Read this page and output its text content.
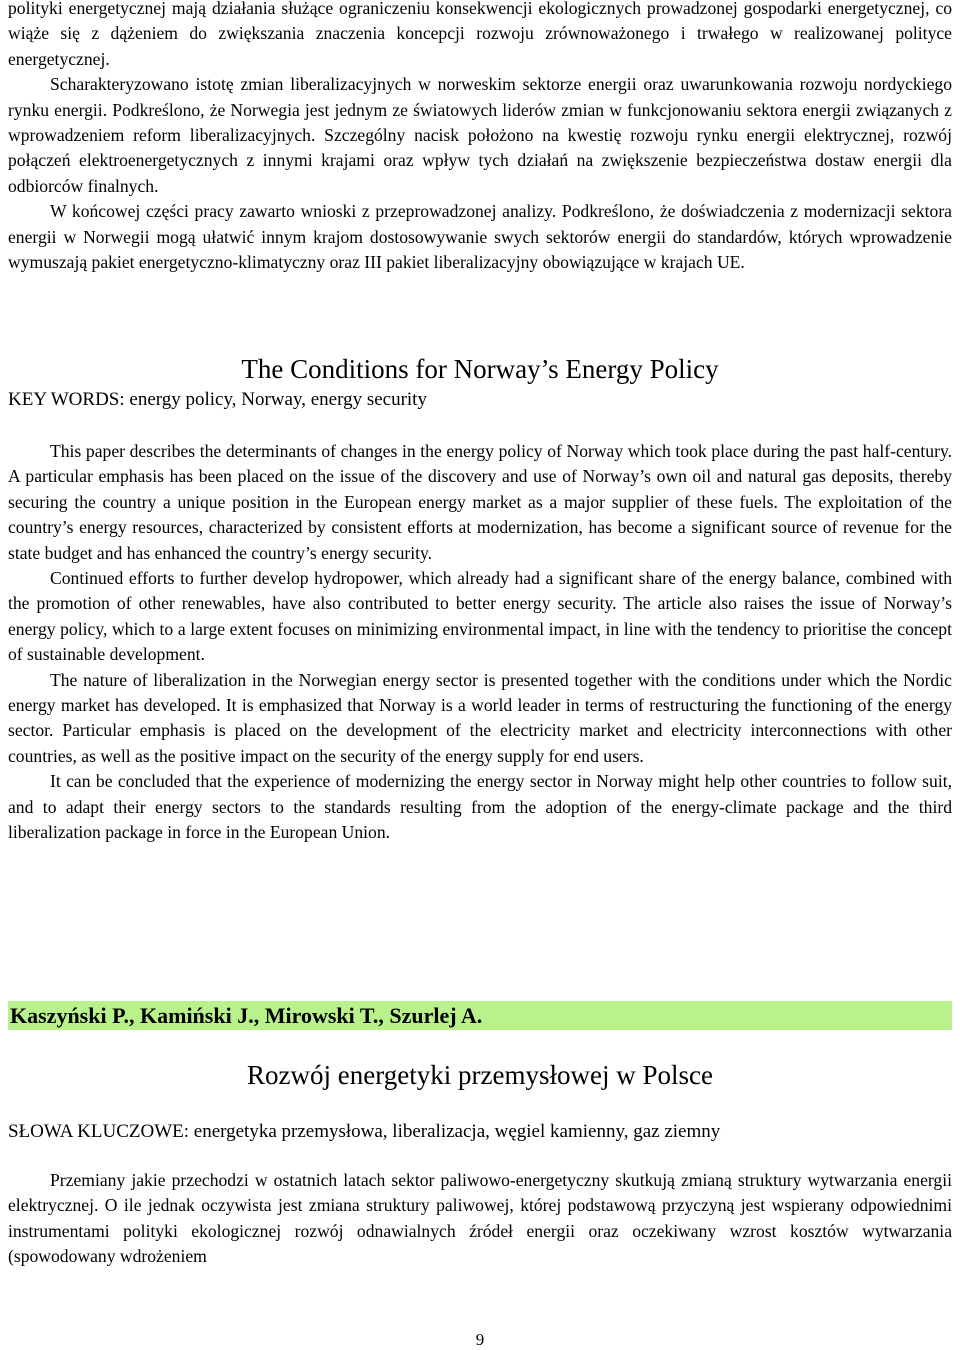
polityki energetycznej mają działania służące ograniczeniu konsekwencji ekologicznych prowadzonej gospodarki energetycznej, co wiąże się z dążeniem do zwiększania znaczenia koncepcji rozwoju zrównoważonego i trwałego w realizowanej polityce energetycznej.

Scharakteryzowano istotę zmian liberalizacyjnych w norweskim sektorze energii oraz uwarunkowania rozwoju nordyckiego rynku energii. Podkreślono, że Norwegia jest jednym ze światowych liderów zmian w funkcjonowaniu sektora energii związanych z wprowadzeniem reform liberalizacyjnych. Szczególny nacisk położono na kwestię rozwoju rynku energii elektrycznej, rozwój połączeń elektroenergetycznych z innymi krajami oraz wpływ tych działań na zwiększenie bezpieczeństwa dostaw energii dla odbiorców finalnych.

W końcowej części pracy zawarto wnioski z przeprowadzonej analizy. Podkreślono, że doświadczenia z modernizacji sektora energii w Norwegii mogą ułatwić innym krajom dostosowywanie swych sektorów energii do standardów, których wprowadzenie wymuszają pakiet energetyczno-klimatyczny oraz III pakiet liberalizacyjny obowiązujące w krajach UE.

The Conditions for Norway’s Energy Policy

KEY WORDS: energy policy, Norway, energy security

This paper describes the determinants of changes in the energy policy of Norway which took place during the past half-century. A particular emphasis has been placed on the issue of the discovery and use of Norway’s own oil and natural gas deposits, thereby securing the country a unique position in the European energy market as a major supplier of these fuels. The exploitation of the country’s energy resources, characterized by consistent efforts at modernization, has become a significant source of revenue for the state budget and has enhanced the country’s energy security.

Continued efforts to further develop hydropower, which already had a significant share of the energy balance, combined with the promotion of other renewables, have also contributed to better energy security. The article also raises the issue of Norway’s energy policy, which to a large extent focuses on minimizing environmental impact, in line with the tendency to prioritise the concept of sustainable development.

The nature of liberalization in the Norwegian energy sector is presented together with the conditions under which the Nordic energy market has developed. It is emphasized that Norway is a world leader in terms of restructuring the functioning of the energy sector. Particular emphasis is placed on the development of the electricity market and electricity interconnections with other countries, as well as the positive impact on the security of the energy supply for end users.

It can be concluded that the experience of modernizing the energy sector in Norway might help other countries to follow suit, and to adapt their energy sectors to the standards resulting from the adoption of the energy-climate package and the third liberalization package in force in the European Union.

Kaszyński P., Kamiński J., Mirowski T., Szurlej A.
Rozwój energetyki przemysłowej w Polsce

SŁOWA KLUCZOWE: energetyka przemysłowa, liberalizacja, węgiel kamienny, gaz ziemny

Przemiany jakie przechodzi w ostatnich latach sektor paliwowo-energetyczny skutkują zmianą struktury wytwarzania energii elektrycznej. O ile jednak oczywista jest zmiana struktury paliwowej, której podstawową przyczyną jest wspierany odpowiednimi instrumentami polityki ekologicznej rozwój odnawialnych źródeł energii oraz oczekiwany wzrost kosztów wytwarzania (spowodowany wdrożeniem

9
